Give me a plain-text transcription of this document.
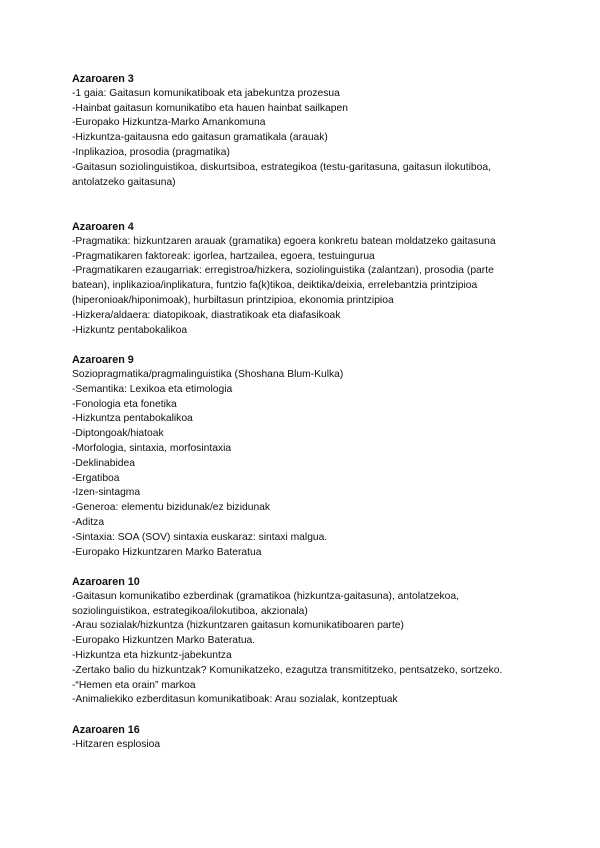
Azaroaren 3
-1 gaia: Gaitasun komunikatiboak eta jabekuntza prozesua
-Hainbat gaitasun komunikatibo eta hauen hainbat sailkapen
-Europako Hizkuntza-Marko Amankomuna
-Hizkuntza-gaitausna edo gaitasun gramatikala (arauak)
-Inplikazioa, prosodia (pragmatika)
-Gaitasun soziolinguistikoa, diskurtsiboa, estrategikoa (testu-garitasuna, gaitasun ilokutiboa, antolatzeko gaitasuna)
Azaroaren 4
-Pragmatika: hizkuntzaren arauak (gramatika) egoera konkretu batean moldatzeko gaitasuna
-Pragmatikaren faktoreak: igorlea, hartzailea, egoera, testuingurua
-Pragmatikaren ezaugarriak: erregistroa/hizkera, soziolinguistika (zalantzan), prosodia (parte batean), inplikazioa/inplikatura, funtzio fa(k)tikoa, deiktika/deixia, errelebantzia printzipioa (hiperonioak/hiponimoak), hurbiltasun printzipioa, ekonomia printzipioa
-Hizkera/aldaera: diatopikoak, diastratikoak eta diafasikoak
-Hizkuntz pentabokalikoa
Azaroaren 9
Soziopragmatika/pragmalinguistika (Shoshana Blum-Kulka)
-Semantika: Lexikoa eta etimologia
-Fonologia eta fonetika
-Hizkuntza pentabokalikoa
-Diptongoak/hiatoak
-Morfologia, sintaxia, morfosintaxia
-Deklinabidea
-Ergatiboa
-Izen-sintagma
-Generoa: elementu bizidunak/ez bizidunak
-Aditza
-Sintaxia: SOA (SOV) sintaxia euskaraz: sintaxi malgua.
-Europako Hizkuntzaren Marko Bateratua
Azaroaren 10
-Gaitasun komunikatibo ezberdinak (gramatikoa (hizkuntza-gaitasuna), antolatzekoa, soziolinguistikoa, estrategikoa/ilokutiboa, akzionala)
-Arau sozialak/hizkuntza (hizkuntzaren gaitasun komunikatiboaren parte)
-Europako Hizkuntzen Marko Bateratua.
-Hizkuntza eta hizkuntz-jabekuntza
-Zertako balio du hizkuntzak? Komunikatzeko, ezagutza transmititzeko, pentsatzeko, sortzeko.
-“Hemen eta orain” markoa
-Animaliekiko ezberditasun komunikatiboak: Arau sozialak, kontzeptuak
Azaroaren 16
-Hitzaren esplosioa
